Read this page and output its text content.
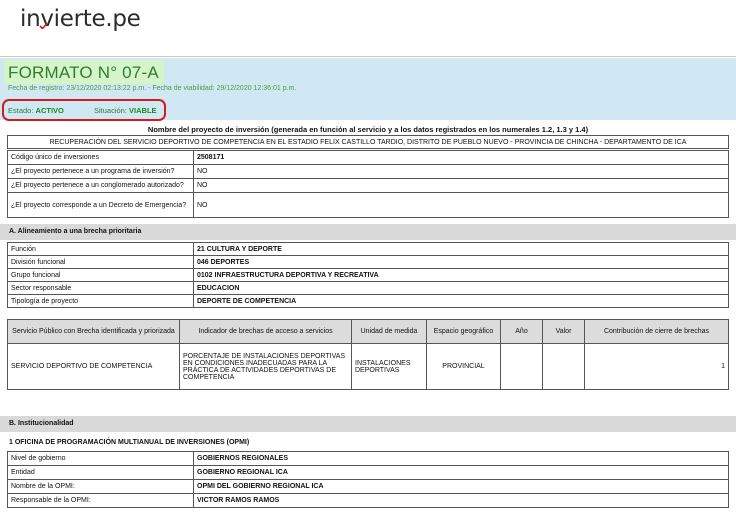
in
vierte.pe
FORMATO N° 07-A
Fecha de registro: 23/12/2020 02:13:22 p.m. - Fecha de viabilidad: 29/12/2020 12:36:01 p.m.
Estado: ACTIVO	Situación: VIABLE
Nombre del proyecto de inversión (generada en función al servicio y a los datos registrados en los numerales 1.2, 1.3 y 1.4)
RECUPERACIÓN DEL SERVICIO DEPORTIVO DE COMPETENCIA EN EL ESTADIO FELIX CASTILLO TARDIO, DISTRITO DE PUEBLO NUEVO - PROVINCIA DE CHINCHA - DEPARTAMENTO DE ICA
Código único de inversiones	2508171
¿El proyecto pertenece a un programa de inversión?	NO
¿El proyecto pertenece a un conglomerado autorizado?	NO
¿El proyecto corresponde a un Decreto de Emergencia?	NO
A. Alineamiento a una brecha prioritaria
Función	21 CULTURA Y DEPORTE
División funcional	046 DEPORTES
Grupo funcional	0102 INFRAESTRUCTURA DEPORTIVA Y RECREATIVA
Sector responsable	EDUCACION
Tipología de proyecto	DEPORTE DE COMPETENCIA
Servicio Público con Brecha identificada y priorizada	Indicador de brechas de acceso a servicios	Unidad de medida	Espacio geográfico	Año	Valor	Contribución de cierre de brechas
SERVICIO DEPORTIVO DE COMPETENCIA	PORCENTAJE DE INSTALACIONES DEPORTIVAS EN CONDICIONES INADECUADAS PARA LA PRÁCTICA DE ACTIVIDADES DEPORTIVAS DE COMPETENCIA	INSTALACIONES DEPORTIVAS	PROVINCIAL			1
B. Institucionalidad
1 OFICINA DE PROGRAMACIÓN MULTIANUAL DE INVERSIONES (OPMI)
Nivel de gobierno	GOBIERNOS REGIONALES
Entidad	GOBIERNO REGIONAL ICA
Nombre de la OPMI:	OPMI DEL GOBIERNO REGIONAL ICA
Responsable de la OPMI:	VICTOR RAMOS RAMOS
